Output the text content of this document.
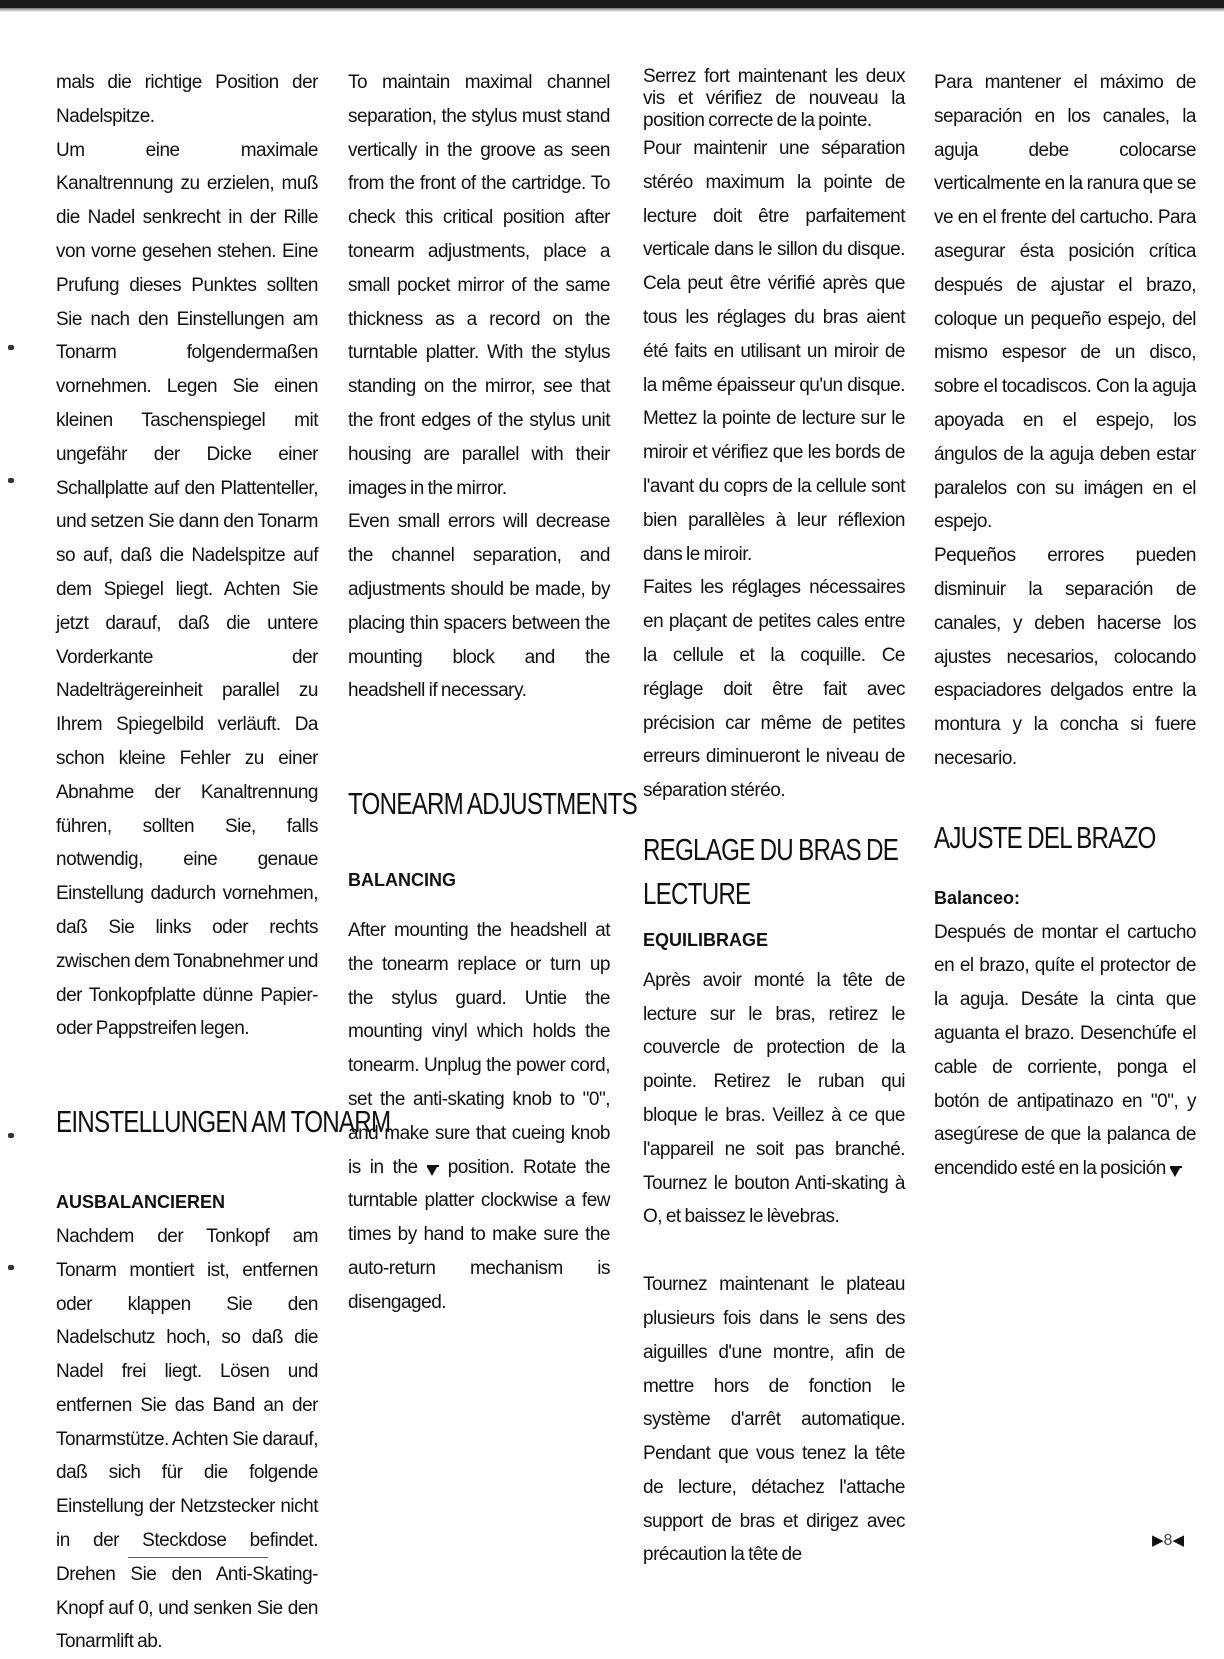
mals die richtige Position der Nadelspitze.

Um eine maximale Kanaltrennung zu erzielen, muß die Nadel senkrecht in der Rille von vorne gesehen stehen. Eine Prufung dieses Punktes sollten Sie nach den Einstellungen am Tonarm folgendermaßen vornehmen. Legen Sie einen kleinen Taschenspiegel mit ungefähr der Dicke einer Schallplatte auf den Plattenteller, und setzen Sie dann den Tonarm so auf, daß die Nadelspitze auf dem Spiegel liegt. Achten Sie jetzt darauf, daß die untere Vorderkante der Nadelträgereinheit parallel zu Ihrem Spiegelbild verläuft. Da schon kleine Fehler zu einer Abnahme der Kanaltrennung führen, sollten Sie, falls notwendig, eine genaue Einstellung dadurch vornehmen, daß Sie links oder rechts zwischen dem Tonabnehmer und der Tonkopfplatte dünne Papier-oder Pappstreifen legen.

EINSTELLUNGEN AM TONARM

AUSBALANCIEREN

Nachdem der Tonkopf am Tonarm montiert ist, entfernen oder klappen Sie den Nadelschutz hoch, so daß die Nadel frei liegt. Lösen und entfernen Sie das Band an der Tonarmstütze. Achten Sie darauf, daß sich für die folgende Einstellung der Netzstecker nicht in der Steckdose befindet. Drehen Sie den Anti-Skating-Knopf auf 0, und senken Sie den Tonarmlift ab.

To maintain maximal channel separation, the stylus must stand vertically in the groove as seen from the front of the cartridge. To check this critical position after tonearm adjustments, place a small pocket mirror of the same thickness as a record on the turntable platter. With the stylus standing on the mirror, see that the front edges of the stylus unit housing are parallel with their images in the mirror.

Even small errors will decrease the channel separation, and adjustments should be made, by placing thin spacers between the mounting block and the headshell if necessary.

TONEARM ADJUSTMENTS

BALANCING

After mounting the headshell at the tonearm replace or turn up the stylus guard. Untie the mounting vinyl which holds the tonearm. Unplug the power cord, set the anti-skating knob to "0", and make sure that cueing knob is in the position. Rotate the turntable platter clockwise a few times by hand to make sure the auto-return mechanism is disengaged.

Serrez fort maintenant les deux vis et vérifiez de nouveau la position correcte de la pointe.

Pour maintenir une séparation stéréo maximum la pointe de lecture doit être parfaitement verticale dans le sillon du disque. Cela peut être vérifié après que tous les réglages du bras aient été faits en utilisant un miroir de la même épaisseur qu'un disque. Mettez la pointe de lecture sur le miroir et vérifiez que les bords de l'avant du coprs de la cellule sont bien parallèles à leur réflexion dans le miroir.

Faites les réglages nécessaires en plaçant de petites cales entre la cellule et la coquille. Ce réglage doit être fait avec précision car même de petites erreurs diminueront le niveau de séparation stéréo.

REGLAGE DU BRAS DE

LECTURE

EQUILIBRAGE

Après avoir monté la tête de lecture sur le bras, retirez le couvercle de protection de la pointe. Retirez le ruban qui bloque le bras. Veillez à ce que l'appareil ne soit pas branché. Tournez le bouton Anti-skating à O, et baissez le lèvebras.

Tournez maintenant le plateau plusieurs fois dans le sens des aiguilles d'une montre, afin de mettre hors de fonction le système d'arrêt automatique. Pendant que vous tenez la tête de lecture, détachez l'attache support de bras et dirigez avec précaution la tête de

Para mantener el máximo de separación en los canales, la aguja debe colocarse verticalmente en la ranura que se ve en el frente del cartucho. Para asegurar ésta posición crítica después de ajustar el brazo, coloque un pequeño espejo, del mismo espesor de un disco, sobre el tocadiscos. Con la aguja apoyada en el espejo, los ángulos de la aguja deben estar paralelos con su imágen en el espejo.

Pequeños errores pueden disminuir la separación de canales, y deben hacerse los ajustes necesarios, colocando espaciadores delgados entre la montura y la concha si fuere necesario.

AJUSTE DEL BRAZO

Balanceo:

Después de montar el cartucho en el brazo, quíte el protector de la aguja. Desáte la cinta que aguanta el brazo. Desenchúfe el cable de corriente, ponga el botón de antipatinazo en "0", y asegúrese de que la palanca de encendido esté en la posición

▶8◀
